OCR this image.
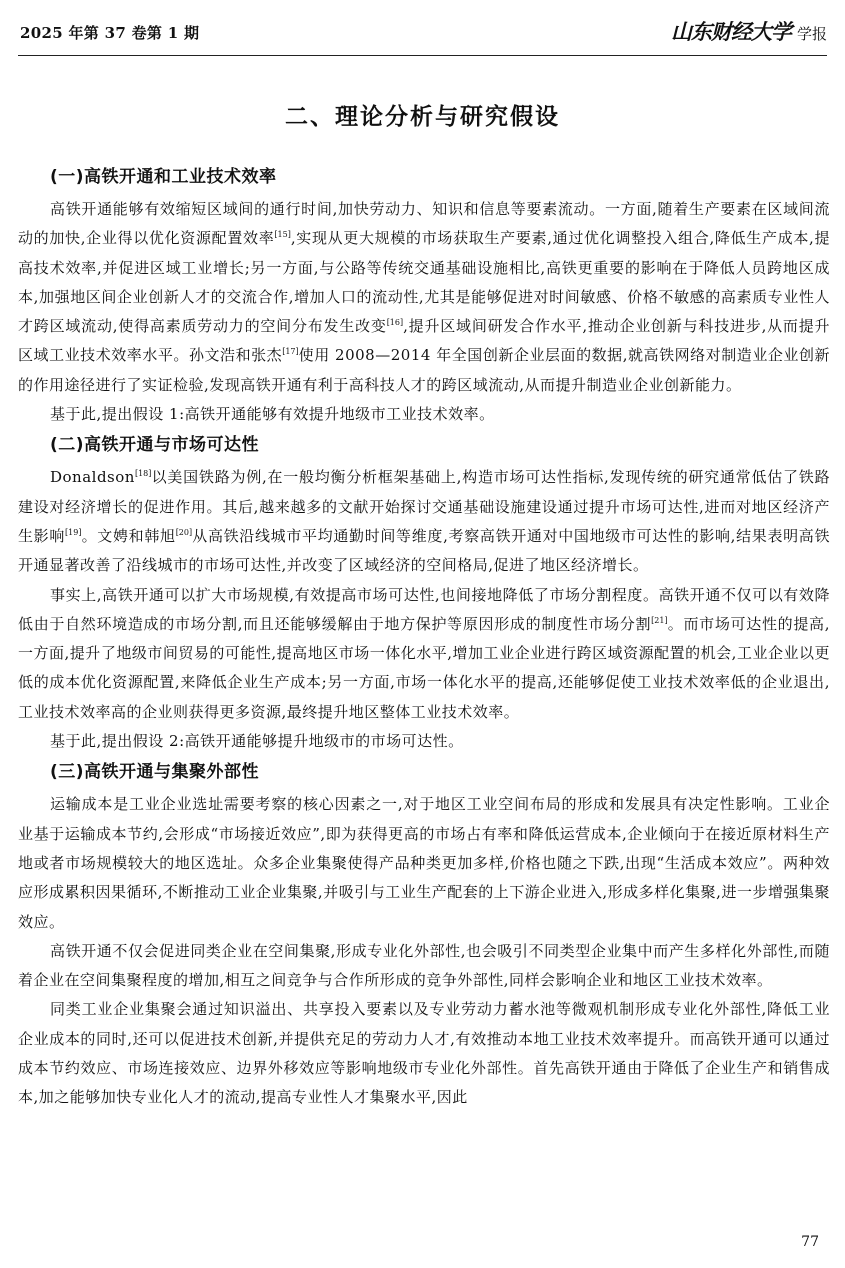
2025 年第 37 卷第 1 期	山东财经大学 学报
二、理论分析与研究假设
(一)高铁开通和工业技术效率

高铁开通能够有效缩短区域间的通行时间,加快劳动力、知识和信息等要素流动。一方面,随着生产要素在区域间流动的加快,企业得以优化资源配置效率[15],实现从更大规模的市场获取生产要素,通过优化调整投入组合,降低生产成本,提高技术效率,并促进区域工业增长;另一方面,与公路等传统交通基础设施相比,高铁更重要的影响在于降低人员跨地区成本,加强地区间企业创新人才的交流合作,增加人口的流动性,尤其是能够促进对时间敏感、价格不敏感的高素质专业性人才跨区域流动,使得高素质劳动力的空间分布发生改变[16],提升区域间研发合作水平,推动企业创新与科技进步,从而提升区域工业技术效率水平。孙文浩和张杰[17]使用 2008—2014 年全国创新企业层面的数据,就高铁网络对制造业企业创新的作用途径进行了实证检验,发现高铁开通有利于高科技人才的跨区域流动,从而提升制造业企业创新能力。

基于此,提出假设 1:高铁开通能够有效提升地级市工业技术效率。

(二)高铁开通与市场可达性

Donaldson[18]以美国铁路为例,在一般均衡分析框架基础上,构造市场可达性指标,发现传统的研究通常低估了铁路建设对经济增长的促进作用。其后,越来越多的文献开始探讨交通基础设施建设通过提升市场可达性,进而对地区经济产生影响[19]。文娉和韩旭[20]从高铁沿线城市平均通勤时间等维度,考察高铁开通对中国地级市可达性的影响,结果表明高铁开通显著改善了沿线城市的市场可达性,并改变了区域经济的空间格局,促进了地区经济增长。

事实上,高铁开通可以扩大市场规模,有效提高市场可达性,也间接地降低了市场分割程度。高铁开通不仅可以有效降低由于自然环境造成的市场分割,而且还能够缓解由于地方保护等原因形成的制度性市场分割[21]。而市场可达性的提高,一方面,提升了地级市间贸易的可能性,提高地区市场一体化水平,增加工业企业进行跨区域资源配置的机会,工业企业以更低的成本优化资源配置,来降低企业生产成本;另一方面,市场一体化水平的提高,还能够促使工业技术效率低的企业退出,工业技术效率高的企业则获得更多资源,最终提升地区整体工业技术效率。

基于此,提出假设 2:高铁开通能够提升地级市的市场可达性。

(三)高铁开通与集聚外部性

运输成本是工业企业选址需要考察的核心因素之一,对于地区工业空间布局的形成和发展具有决定性影响。工业企业基于运输成本节约,会形成“市场接近效应”,即为获得更高的市场占有率和降低运营成本,企业倾向于在接近原材料生产地或者市场规模较大的地区选址。众多企业集聚使得产品种类更加多样,价格也随之下跌,出现“生活成本效应”。两种效应形成累积因果循环,不断推动工业企业集聚,并吸引与工业生产配套的上下游企业进入,形成多样化集聚,进一步增强集聚效应。

高铁开通不仅会促进同类企业在空间集聚,形成专业化外部性,也会吸引不同类型企业集中而产生多样化外部性,而随着企业在空间集聚程度的增加,相互之间竞争与合作所形成的竞争外部性,同样会影响企业和地区工业技术效率。

同类工业企业集聚会通过知识溢出、共享投入要素以及专业劳动力蓄水池等微观机制形成专业化外部性,降低工业企业成本的同时,还可以促进技术创新,并提供充足的劳动力人才,有效推动本地工业技术效率提升。而高铁开通可以通过成本节约效应、市场连接效应、边界外移效应等影响地级市专业化外部性。首先高铁开通由于降低了企业生产和销售成本,加之能够加快专业化人才的流动,提高专业性人才集聚水平,因此

77
